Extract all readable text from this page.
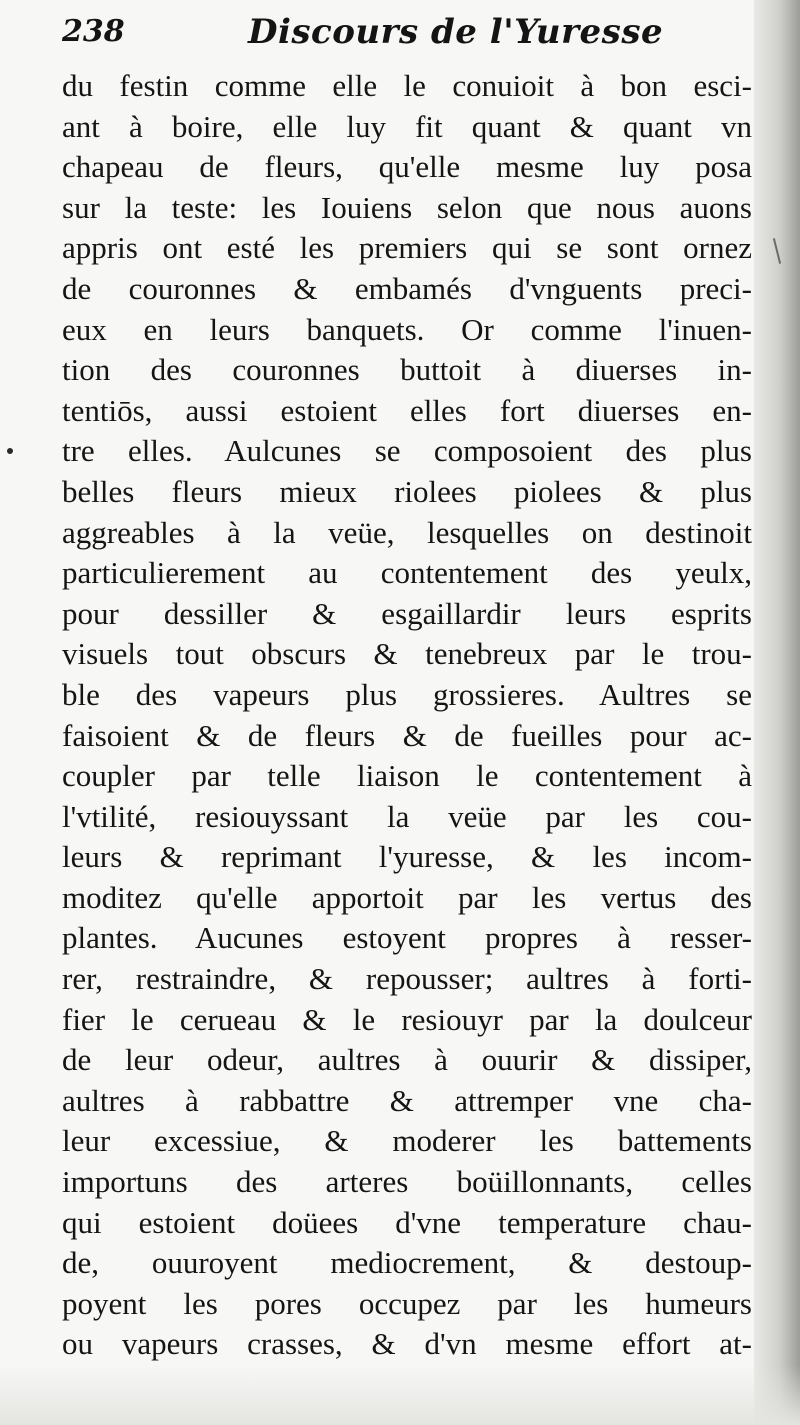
238	Discours de l'Yuresse
du festin comme elle le conuioit à bon esci-
ant à boire, elle luy fit quant & quant vn
chapeau de fleurs, qu'elle mesme luy posa
sur la teste: les Iouiens selon que nous auons
appris ont esté les premiers qui se sont ornez
de couronnes & embamés d'vnguents preci-
eux en leurs banquets. Or comme l'inuen-
tion des couronnes buttoit à diuerses in-
tentiōs, aussi estoient elles fort diuerses en-
tre elles. Aulcunes se composoient des plus
belles fleurs mieux riolees piolees & plus
aggreables à la veüe, lesquelles on destinoit
particulierement au contentement des yeulx,
pour dessiller & esgaillardir leurs esprits
visuels tout obscurs & tenebreux par le trou-
ble des vapeurs plus grossieres. Aultres se
faisoient & de fleurs & de fueilles pour ac-
coupler par telle liaison le contentement à
l'vtilité, resiouyssant la veüe par les cou-
leurs & reprimant l'yuresse, & les incom-
moditez qu'elle apportoit par les vertus des
plantes. Aucunes estoyent propres à resser-
rer, restraindre, & repousser; aultres à forti-
fier le cerueau & le resiouyr par la doulceur
de leur odeur, aultres à ouurir & dissiper,
aultres à rabbattre & attremper vne cha-
leur excessiue, & moderer les battements
importuns des arteres boüillonnants, celles
qui estoient doüees d'vne temperature chau-
de, ouuroyent mediocrement, & destoup-
poyent les pores occupez par les humeurs
ou vapeurs crasses, & d'vn mesme effort at-
